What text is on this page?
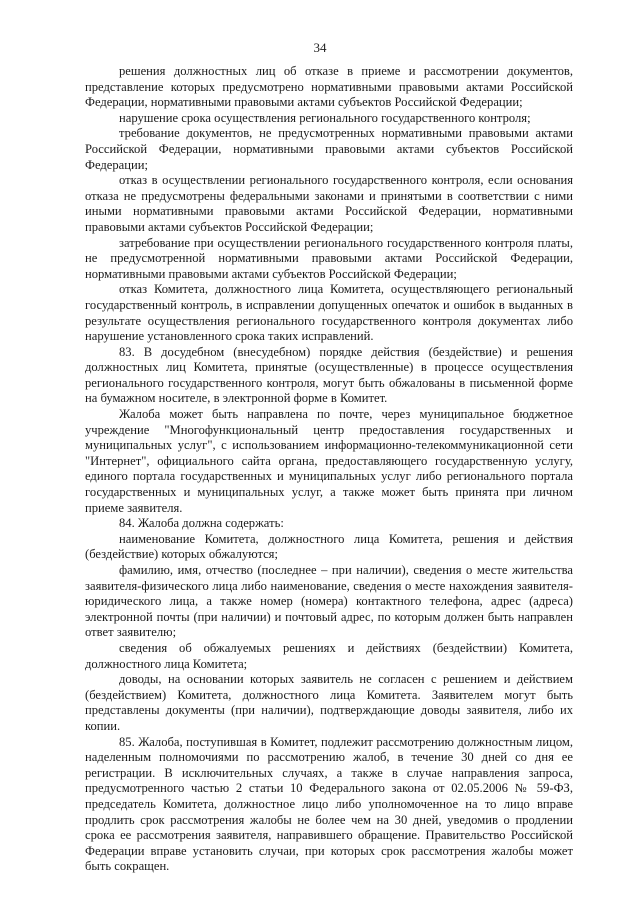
34

решения должностных лиц об отказе в приеме и рассмотрении документов, представление которых предусмотрено нормативными правовыми актами Российской Федерации, нормативными правовыми актами субъектов Российской Федерации;

нарушение срока осуществления регионального государственного контроля;

требование документов, не предусмотренных нормативными правовыми актами Российской Федерации, нормативными правовыми актами субъектов Российской Федерации;

отказ в осуществлении регионального государственного контроля, если основания отказа не предусмотрены федеральными законами и принятыми в соответствии с ними иными нормативными правовыми актами Российской Федерации, нормативными правовыми актами субъектов Российской Федерации;

затребование при осуществлении регионального государственного контроля платы, не предусмотренной нормативными правовыми актами Российской Федерации, нормативными правовыми актами субъектов Российской Федерации;

отказ Комитета, должностного лица Комитета, осуществляющего региональный государственный контроль, в исправлении допущенных опечаток и ошибок в выданных в результате осуществления регионального государственного контроля документах либо нарушение установленного срока таких исправлений.

83. В досудебном (внесудебном) порядке действия (бездействие) и решения должностных лиц Комитета, принятые (осуществленные) в процессе осуществления регионального государственного контроля, могут быть обжалованы в письменной форме на бумажном носителе, в электронной форме в Комитет.

Жалоба может быть направлена по почте, через муниципальное бюджетное учреждение "Многофункциональный центр предоставления государственных и муниципальных услуг", с использованием информационно-телекоммуникационной сети "Интернет", официального сайта органа, предоставляющего государственную услугу, единого портала государственных и муниципальных услуг либо регионального портала государственных и муниципальных услуг, а также может быть принята при личном приеме заявителя.

84. Жалоба должна содержать:

наименование Комитета, должностного лица Комитета, решения и действия (бездействие) которых обжалуются;

фамилию, имя, отчество (последнее – при наличии), сведения о месте жительства заявителя-физического лица либо наименование, сведения о месте нахождения заявителя-юридического лица, а также номер (номера) контактного телефона, адрес (адреса) электронной почты (при наличии) и почтовый адрес, по которым должен быть направлен ответ заявителю;

сведения об обжалуемых решениях и действиях (бездействии) Комитета, должностного лица Комитета;

доводы, на основании которых заявитель не согласен с решением и действием (бездействием) Комитета, должностного лица Комитета. Заявителем могут быть представлены документы (при наличии), подтверждающие доводы заявителя, либо их копии.

85. Жалоба, поступившая в Комитет, подлежит рассмотрению должностным лицом, наделенным полномочиями по рассмотрению жалоб, в течение 30 дней со дня ее регистрации. В исключительных случаях, а также в случае направления запроса, предусмотренного частью 2 статьи 10 Федерального закона от 02.05.2006 № 59-ФЗ, председатель Комитета, должностное лицо либо уполномоченное на то лицо вправе продлить срок рассмотрения жалобы не более чем на 30 дней, уведомив о продлении срока ее рассмотрения заявителя, направившего обращение. Правительство Российской Федерации вправе установить случаи, при которых срок рассмотрения жалобы может быть сокращен.
